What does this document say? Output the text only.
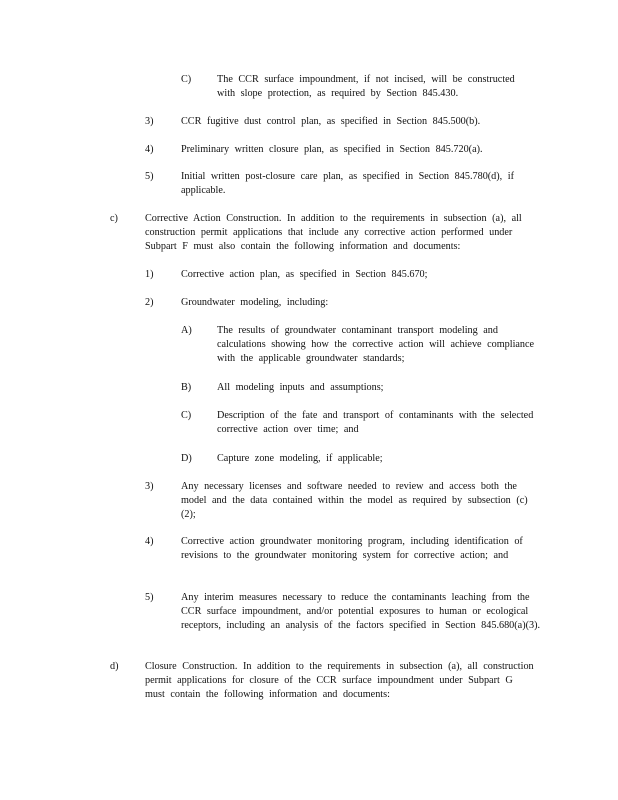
C)	The CCR surface impoundment, if not incised, will be constructed with slope protection, as required by Section 845.430.
3)	CCR fugitive dust control plan, as specified in Section 845.500(b).
4)	Preliminary written closure plan, as specified in Section 845.720(a).
5)	Initial written post-closure care plan, as specified in Section 845.780(d), if applicable.
c)	Corrective Action Construction. In addition to the requirements in subsection (a), all construction permit applications that include any corrective action performed under Subpart F must also contain the following information and documents:
1)	Corrective action plan, as specified in Section 845.670;
2)	Groundwater modeling, including:
A) The results of groundwater contaminant transport modeling and calculations showing how the corrective action will achieve compliance with the applicable groundwater standards;
B)	All modeling inputs and assumptions;
C)	Description of the fate and transport of contaminants with the selected corrective action over time; and
D) Capture zone modeling, if applicable;
3)	Any necessary licenses and software needed to review and access both the model and the data contained within the model as required by subsection (c)(2);
4)	Corrective action groundwater monitoring program, including identification of revisions to the groundwater monitoring system for corrective action; and
5)	Any interim measures necessary to reduce the contaminants leaching from the CCR surface impoundment, and/or potential exposures to human or ecological receptors, including an analysis of the factors specified in Section 845.680(a)(3).
d)	Closure Construction. In addition to the requirements in subsection (a), all construction permit applications for closure of the CCR surface impoundment under Subpart G must contain the following information and documents:
